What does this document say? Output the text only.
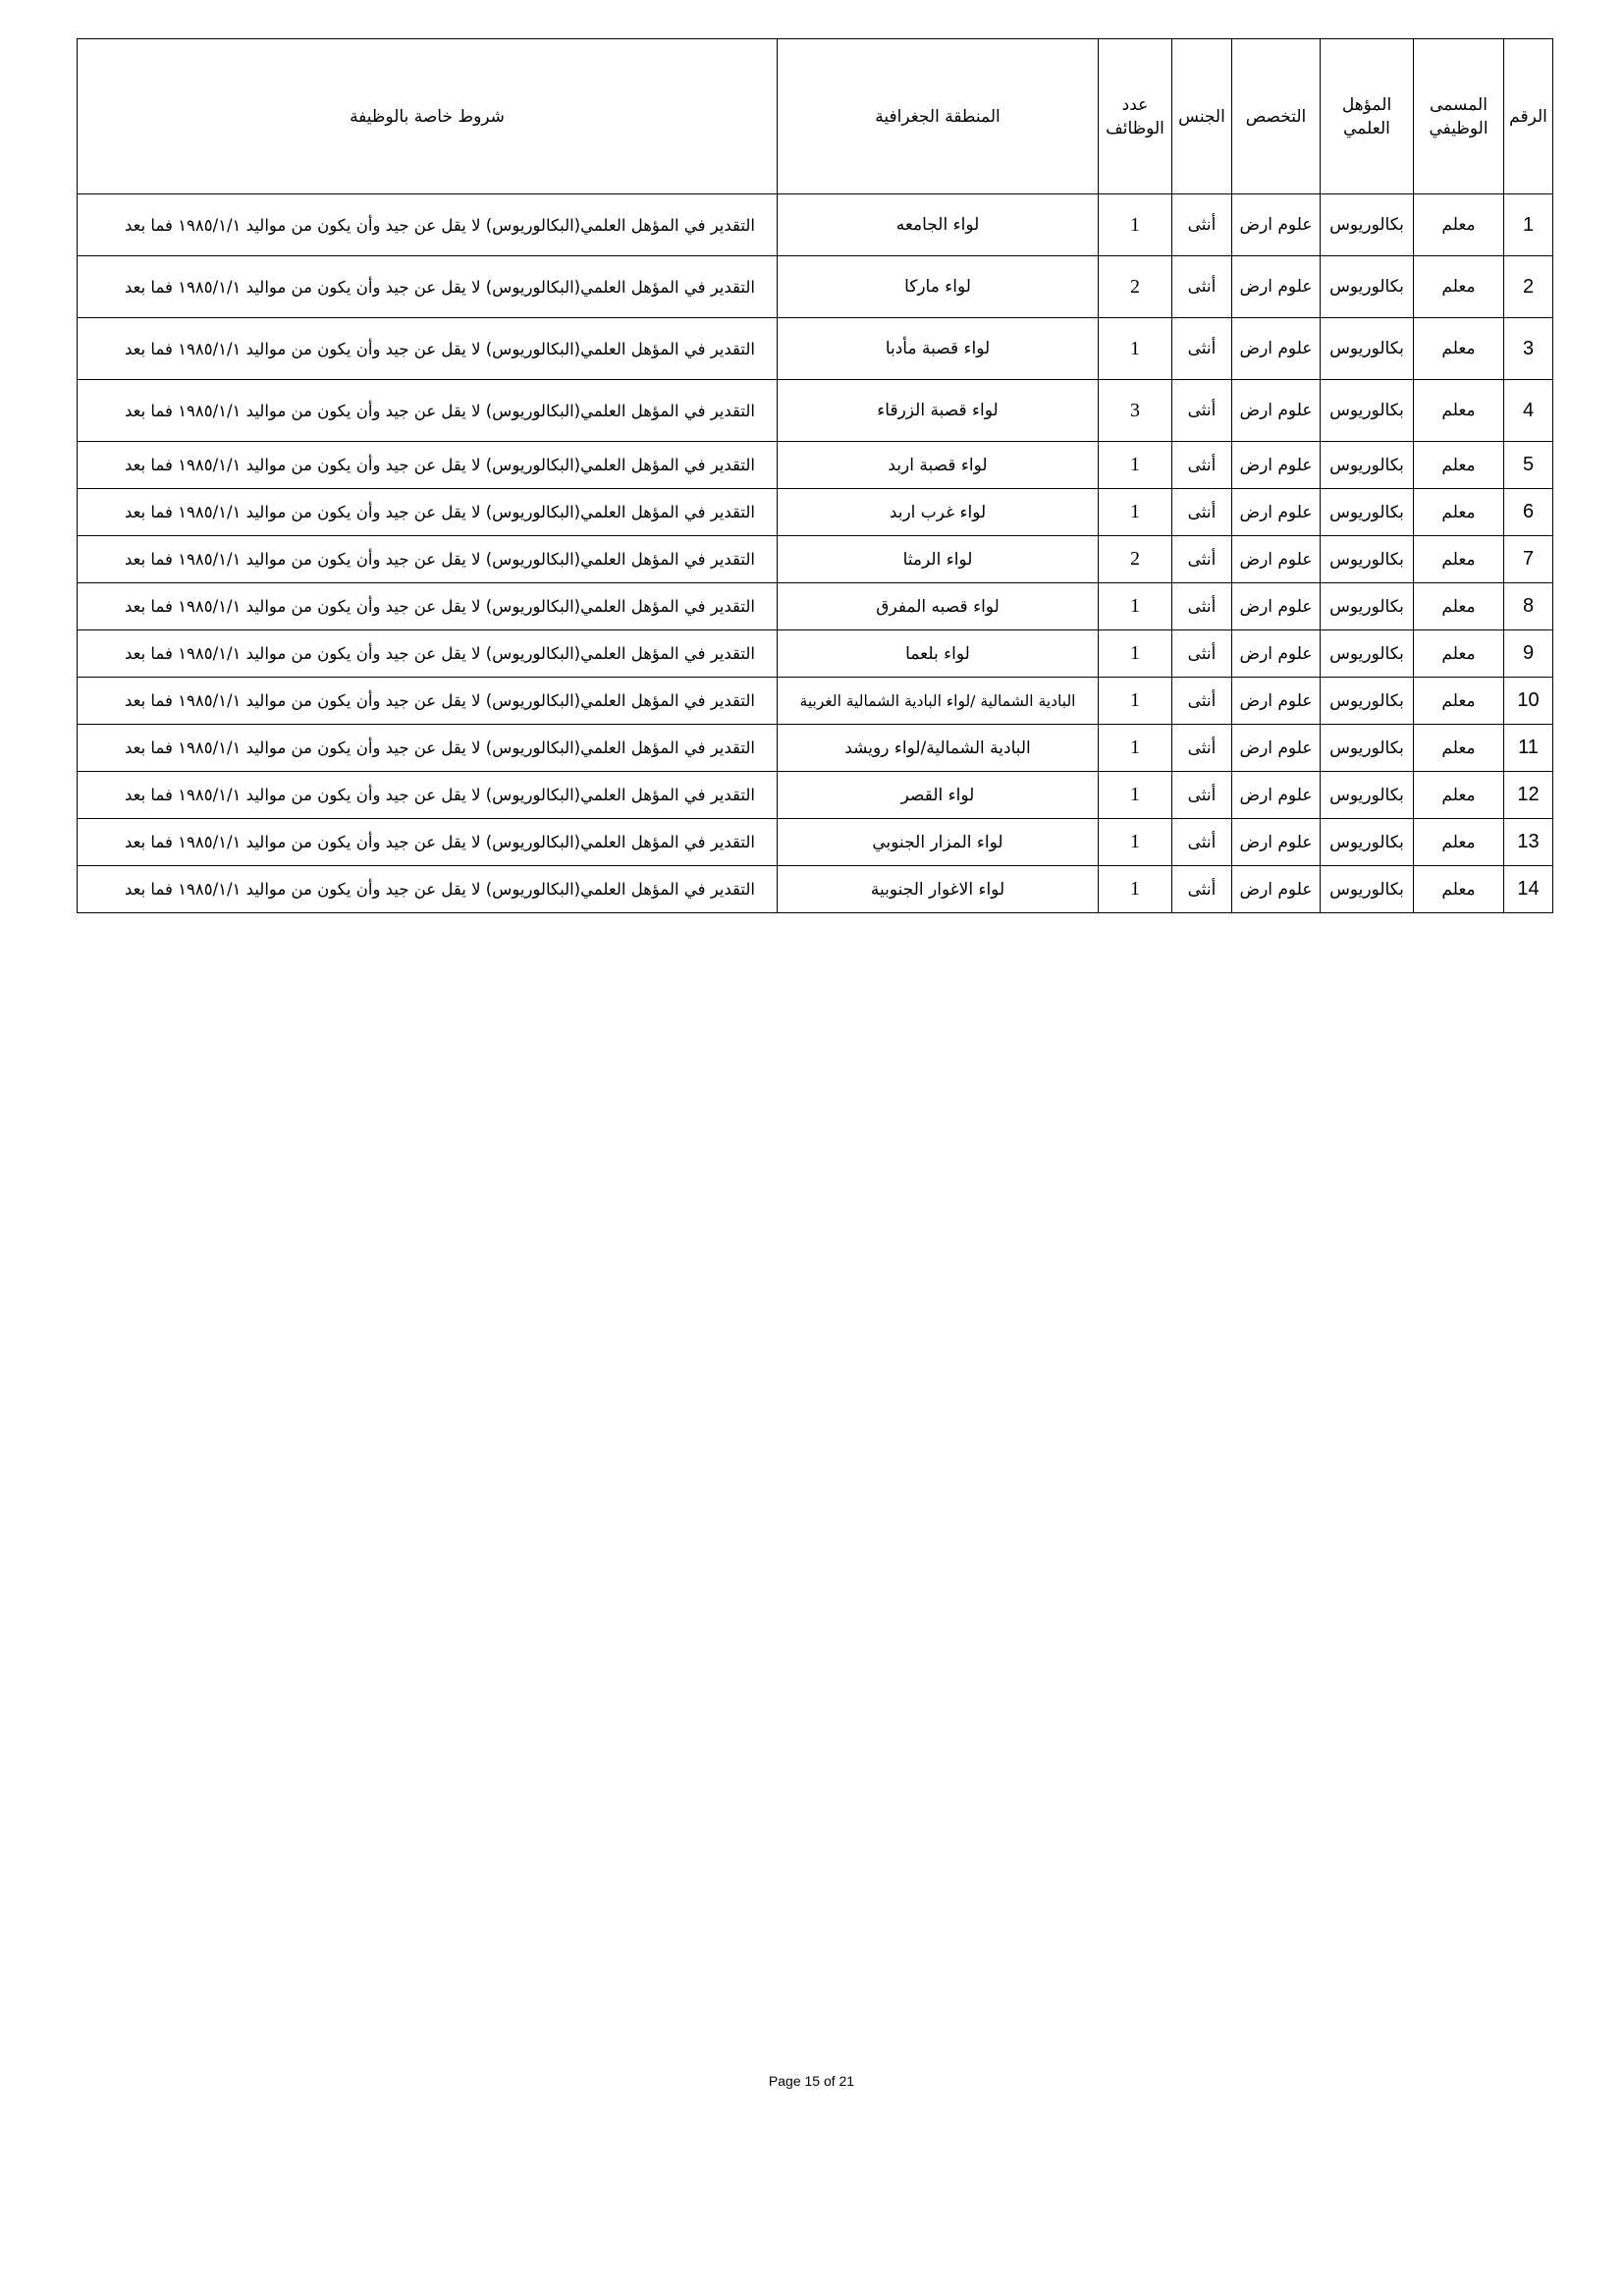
الرقم	المسمى الوظيفي	المؤهل العلمي	التخصص	الجنس	عدد الوظائف	المنطقة الجغرافية	شروط خاصة بالوظيفة
1	معلم	بكالوريوس	علوم ارض	أنثى	1	لواء الجامعه	التقدير في المؤهل العلمي(البكالوريوس) لا يقل عن جيد وأن يكون من مواليد ١٩٨٥/١/١ فما بعد
2	معلم	بكالوريوس	علوم ارض	أنثى	2	لواء ماركا	التقدير في المؤهل العلمي(البكالوريوس) لا يقل عن جيد وأن يكون من مواليد ١٩٨٥/١/١ فما بعد
3	معلم	بكالوريوس	علوم ارض	أنثى	1	لواء قصبة مأدبا	التقدير في المؤهل العلمي(البكالوريوس) لا يقل عن جيد وأن يكون من مواليد ١٩٨٥/١/١ فما بعد
4	معلم	بكالوريوس	علوم ارض	أنثى	3	لواء قصبة الزرقاء	التقدير في المؤهل العلمي(البكالوريوس) لا يقل عن جيد وأن يكون من مواليد ١٩٨٥/١/١ فما بعد
5	معلم	بكالوريوس	علوم ارض	أنثى	1	لواء قصبة اربد	التقدير في المؤهل العلمي(البكالوريوس) لا يقل عن جيد وأن يكون من مواليد ١٩٨٥/١/١ فما بعد
6	معلم	بكالوريوس	علوم ارض	أنثى	1	لواء غرب اربد	التقدير في المؤهل العلمي(البكالوريوس) لا يقل عن جيد وأن يكون من مواليد ١٩٨٥/١/١ فما بعد
7	معلم	بكالوريوس	علوم ارض	أنثى	2	لواء الرمثا	التقدير في المؤهل العلمي(البكالوريوس) لا يقل عن جيد وأن يكون من مواليد ١٩٨٥/١/١ فما بعد
8	معلم	بكالوريوس	علوم ارض	أنثى	1	لواء قصبه المفرق	التقدير في المؤهل العلمي(البكالوريوس) لا يقل عن جيد وأن يكون من مواليد ١٩٨٥/١/١ فما بعد
9	معلم	بكالوريوس	علوم ارض	أنثى	1	لواء بلعما	التقدير في المؤهل العلمي(البكالوريوس) لا يقل عن جيد وأن يكون من مواليد ١٩٨٥/١/١ فما بعد
10	معلم	بكالوريوس	علوم ارض	أنثى	1	البادية الشمالية /لواء البادية الشمالية الغربية	التقدير في المؤهل العلمي(البكالوريوس) لا يقل عن جيد وأن يكون من مواليد ١٩٨٥/١/١ فما بعد
11	معلم	بكالوريوس	علوم ارض	أنثى	1	البادية الشمالية/لواء رويشد	التقدير في المؤهل العلمي(البكالوريوس) لا يقل عن جيد وأن يكون من مواليد ١٩٨٥/١/١ فما بعد
12	معلم	بكالوريوس	علوم ارض	أنثى	1	لواء القصر	التقدير في المؤهل العلمي(البكالوريوس) لا يقل عن جيد وأن يكون من مواليد ١٩٨٥/١/١ فما بعد
13	معلم	بكالوريوس	علوم ارض	أنثى	1	لواء المزار الجنوبي	التقدير في المؤهل العلمي(البكالوريوس) لا يقل عن جيد وأن يكون من مواليد ١٩٨٥/١/١ فما بعد
14	معلم	بكالوريوس	علوم ارض	أنثى	1	لواء الاغوار الجنوبية	التقدير في المؤهل العلمي(البكالوريوس) لا يقل عن جيد وأن يكون من مواليد ١٩٨٥/١/١ فما بعد
Page 15 of 21
